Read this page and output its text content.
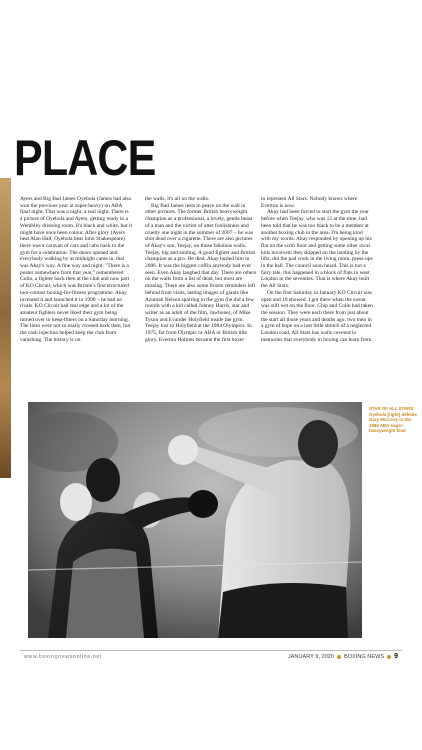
PLACE

Ayers and Big Bad James Oyebola (James had also won the previous year at super-heavy) on ABA final night. That was a night, a real night. There is a picture of Oyebola and Ayers, getting ready in a Wembley dressing room. It's black and white, but it might have once been colour. After glory (Ayers beat Alan Hall, Oyebola beat John Shakespeare) there was a caravan of cars and cabs back to the gym for a celebration. The doors opened and everybody walking by at midnight came in, that was Akay's way. A fine way and night. "There is a poster somewhere from that year," remembered Colin, a fighter back then at the club and now part of KO Circuit, which was Britain's first structured non-contact boxing-for-fitness programme. Akay invented it and launched it in 1990 – he had no rivals. KO Circuit had real edge and a lot of the amateur fighters never liked their gym being turned over to keep-fitters on a Saturday morning. The lines were not so easily crossed back then, but the cash injection helped keep the club from vanishing. The history is on

the walls, it's all on the walls.

Big Bad James rests in peace on the wall in other pictures. The former British heavyweight champion as a professional, a lovely, gentle beast of a man and the victim of utter foolishness and cruelty one night in the summer of 2007 – he was shot dead over a cigarette. There are also pictures of Akay's son, Teejay, on those fabulous walls. Teejay, big and smiling. A good fighter and British champion as a pro. He died, Akay buried him in 2006. It was the biggest coffin anybody had ever seen. Even Akay laughed that day. There are others on the walls from a list of dead, but most are missing. There are also some frozen reminders left behind from visits, lasting images of giants like Azumah Nelson sparring in the gym (he did a few rounds with a kid called Johnny Harris, star and writer as an adult of the film, Jawbone), of Mike Tyson and Evander Holyfield inside the gym. Teejay lost to Holyfield at the 1984 Olympics. In 1975, far from Olympic or ABA or British title glory, Everton Holmes became the first boxer

to represent All Stars. Nobody knows where Everton is now.

Akay had been forced to start the gym the year before when Teejay, who was 12 at the time, had been told that he was too black to be a member at another boxing club in the area. I'm being kind with my words. Akay responded by opening up his flat on the sixth floor and getting some other local kids involved; they skipped on the landing by the lifts, did the pad work in the living room, press-ups in the hall. The council soon heard. This is not a fairy tale, this happened in a block of flats in west London in the seventies. That is where Akay built the All Stars.

On the first Saturday in January KO Circuit was open and 18 showed. I got there when the sweat was still wet on the floor. Chip and Colin had taken the session. They were each there from just about the start all those years and deaths ago, two men in a gym of hope on a lost little stretch of a neglected London road. All Stars has walls covered in memories that everybody in boxing can learn from.

STAR OF ALL STARS: Oyebola [right] defeats Gary McCrory in the 1986 ABA super-heavyweight final
www.boxingnewsonline.net	JANUARY 9, 2020 BOXING NEWS 9
